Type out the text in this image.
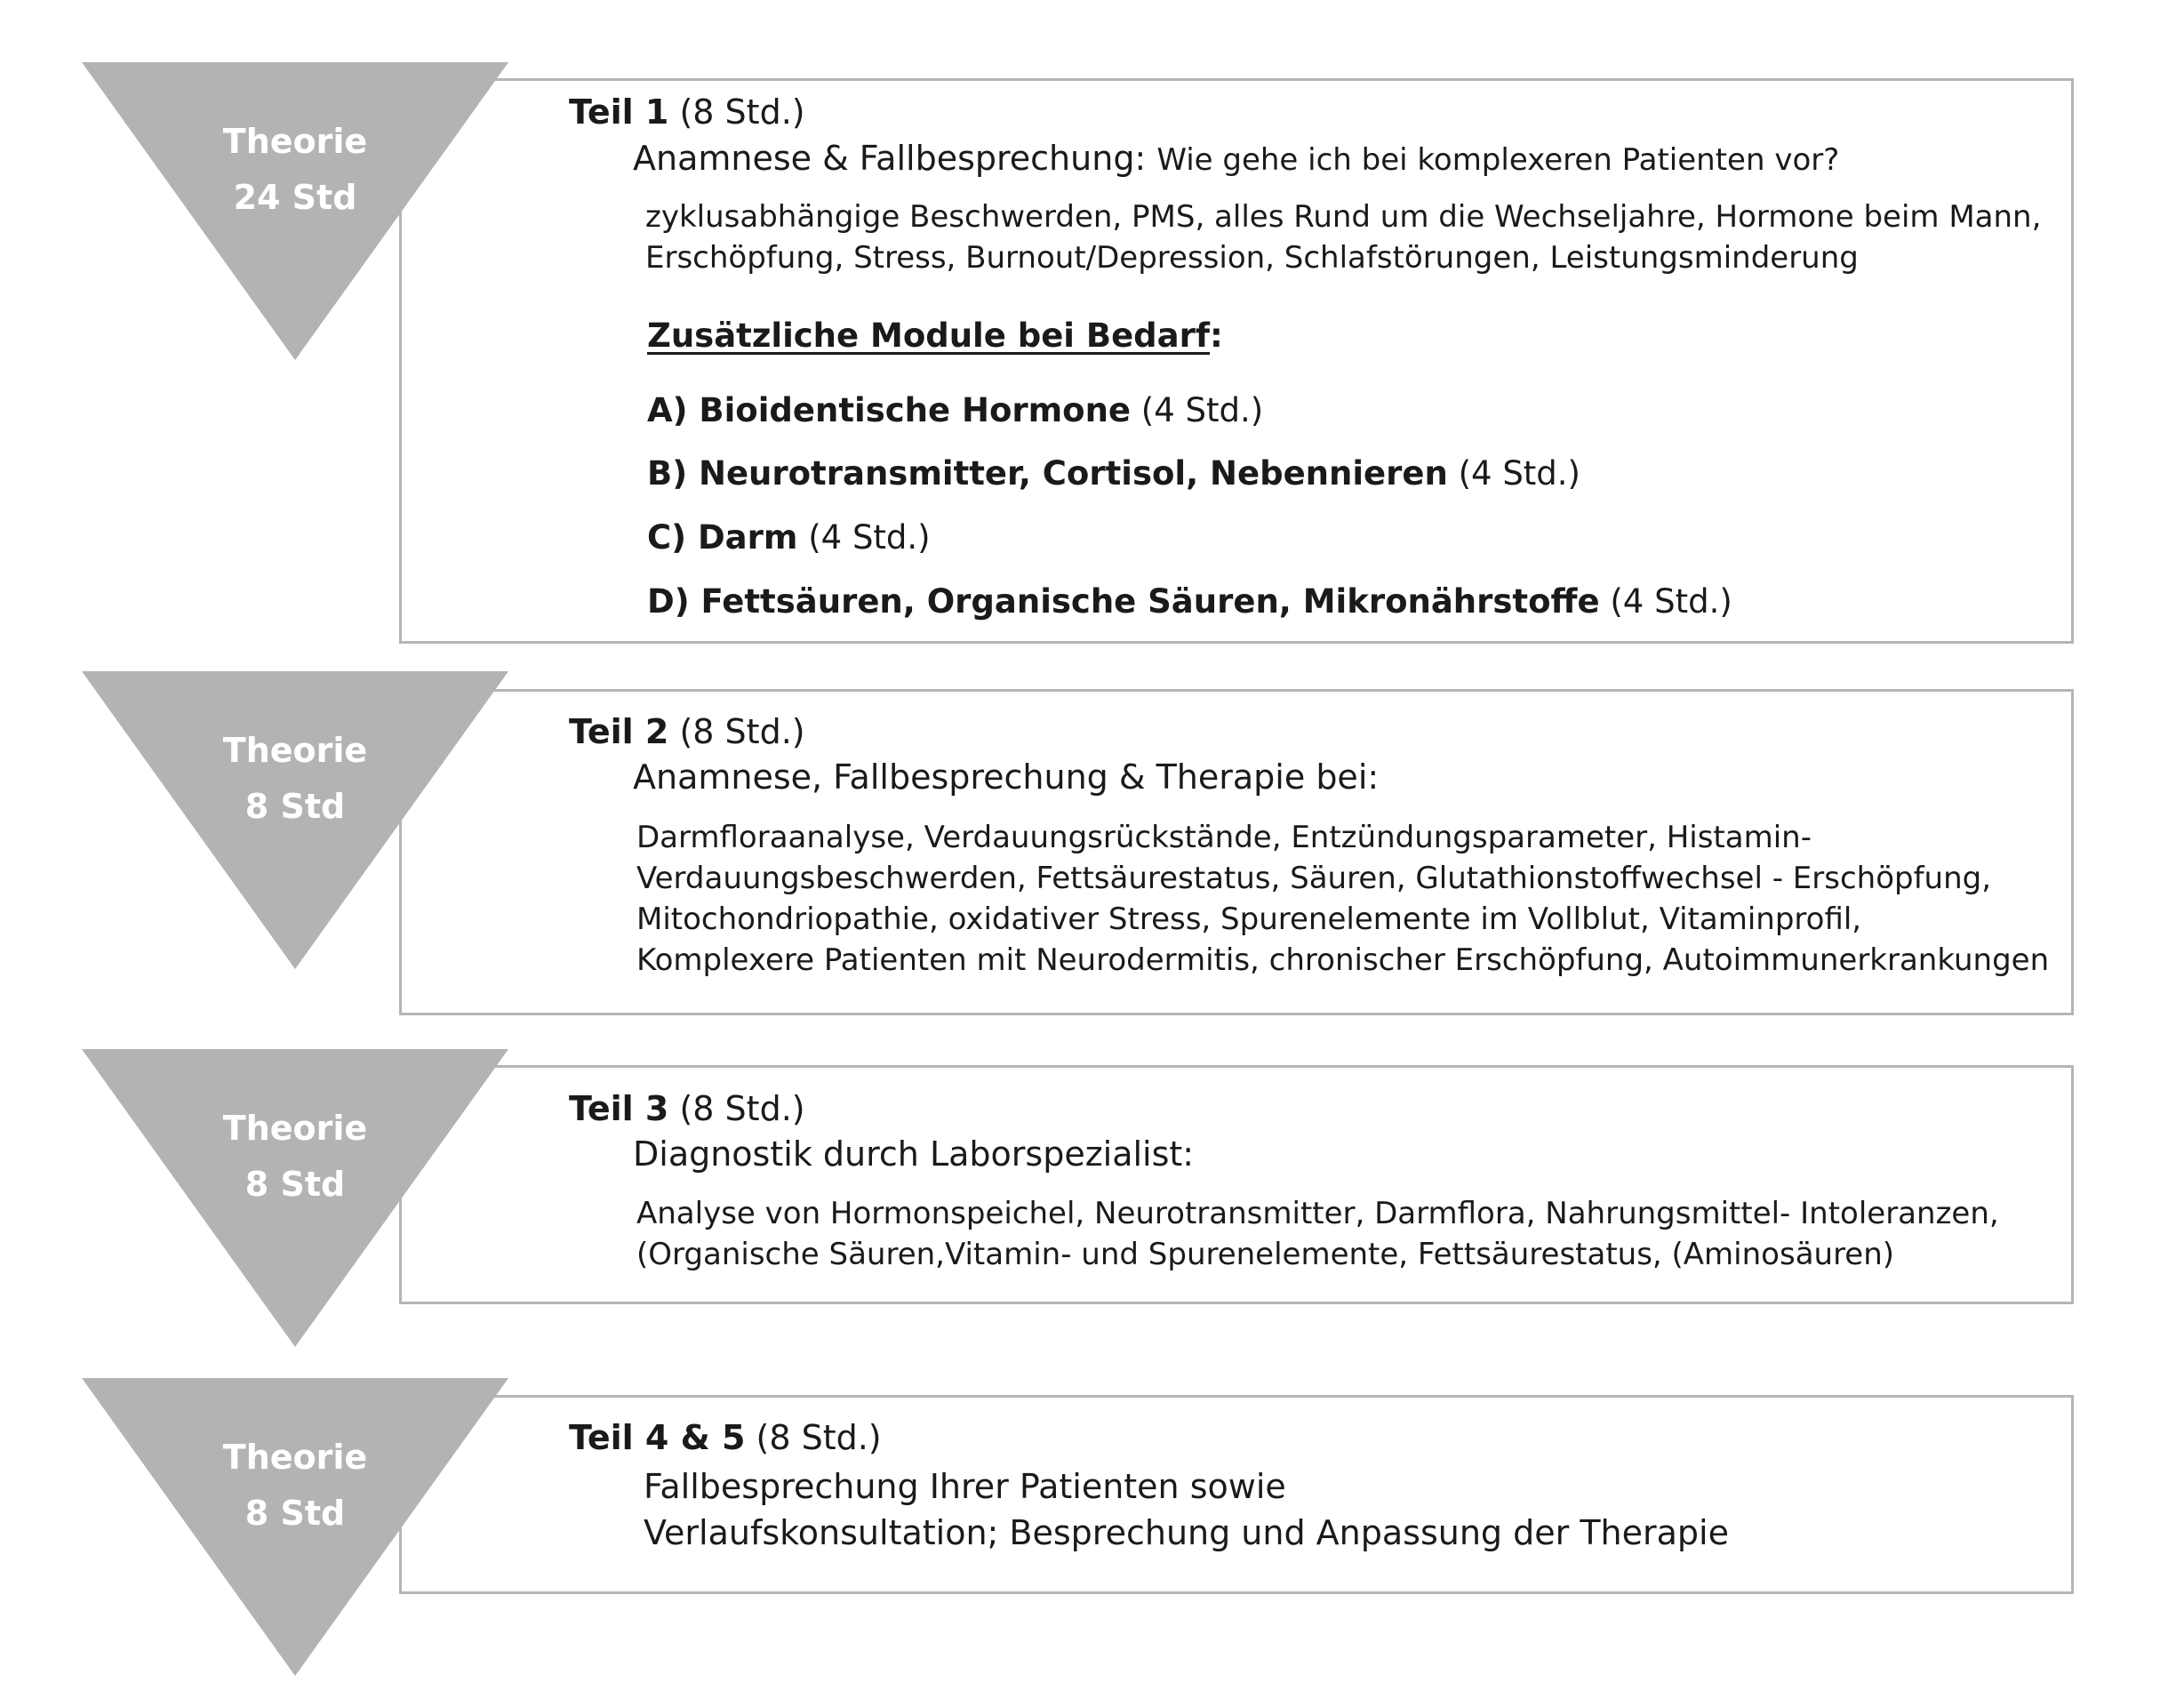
Theorie
24 Std
Teil 1 (8 Std.)
Anamnese & Fallbesprechung: Wie gehe ich bei komplexeren Patienten vor?
zyklusabhängige Beschwerden, PMS, alles Rund um die Wechseljahre, Hormone beim Mann,
Erschöpfung, Stress, Burnout/Depression, Schlafstörungen, Leistungsminderung
Zusätzliche Module bei Bedarf:
A) Bioidentische Hormone (4 Std.)
B) Neurotransmitter, Cortisol, Nebennieren (4 Std.)
C) Darm (4 Std.)
D) Fettsäuren, Organische Säuren, Mikronährstoffe (4 Std.)
Theorie
8 Std
Teil 2 (8 Std.)
Anamnese, Fallbesprechung & Therapie bei:
Darmfloraanalyse, Verdauungsrückstände, Entzündungsparameter, Histamin-
Verdauungsbeschwerden, Fettsäurestatus, Säuren, Glutathionstoffwechsel - Erschöpfung,
Mitochondriopathie, oxidativer Stress, Spurenelemente im Vollblut, Vitaminprofil,
Komplexere Patienten mit Neurodermitis, chronischer Erschöpfung, Autoimmunerkrankungen
Theorie
8 Std
Teil 3 (8 Std.)
Diagnostik durch Laborspezialist:
Analyse von Hormonspeichel, Neurotransmitter, Darmflora, Nahrungsmittel- Intoleranzen,
(Organische Säuren,Vitamin- und Spurenelemente, Fettsäurestatus, (Aminosäuren)
Theorie
8 Std
Teil 4 & 5 (8 Std.)
Fallbesprechung Ihrer Patienten sowie
Verlaufskonsultation; Besprechung und Anpassung der Therapie
